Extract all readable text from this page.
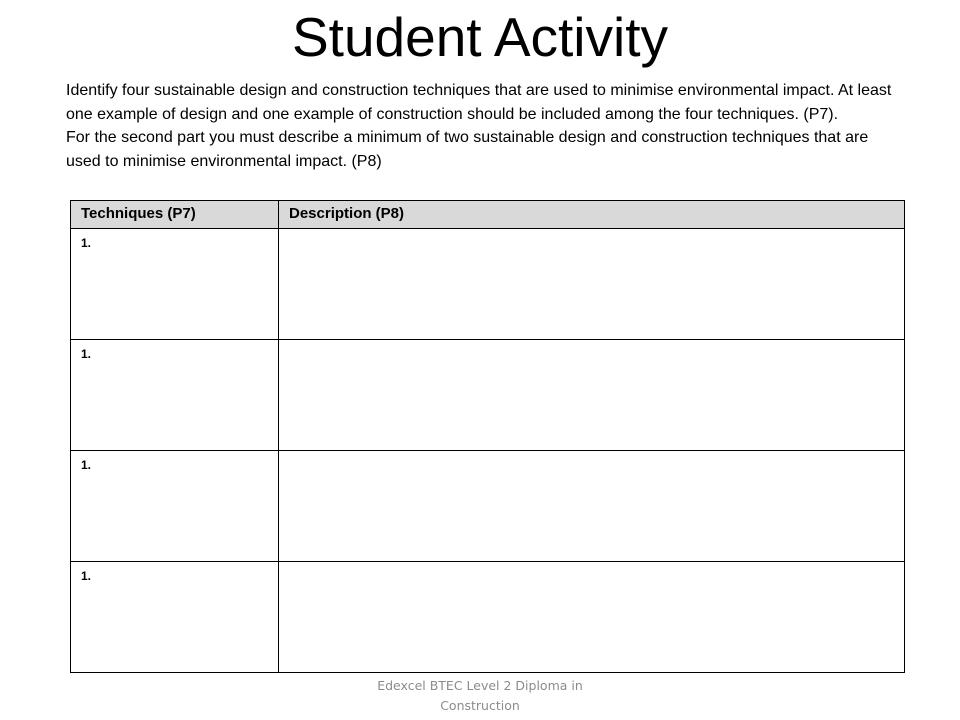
Student Activity

Identify four sustainable design and construction techniques that are used to minimise environmental impact. At least one example of design and one example of construction should be included among the four techniques. (P7).

For the second part you must describe a minimum of two sustainable design and construction techniques that are used to minimise environmental impact. (P8)

Techniques (P7)	Description (P8)
1.	
1.	
1.	
1.	
Edexcel BTEC Level 2 Diploma in Construction
